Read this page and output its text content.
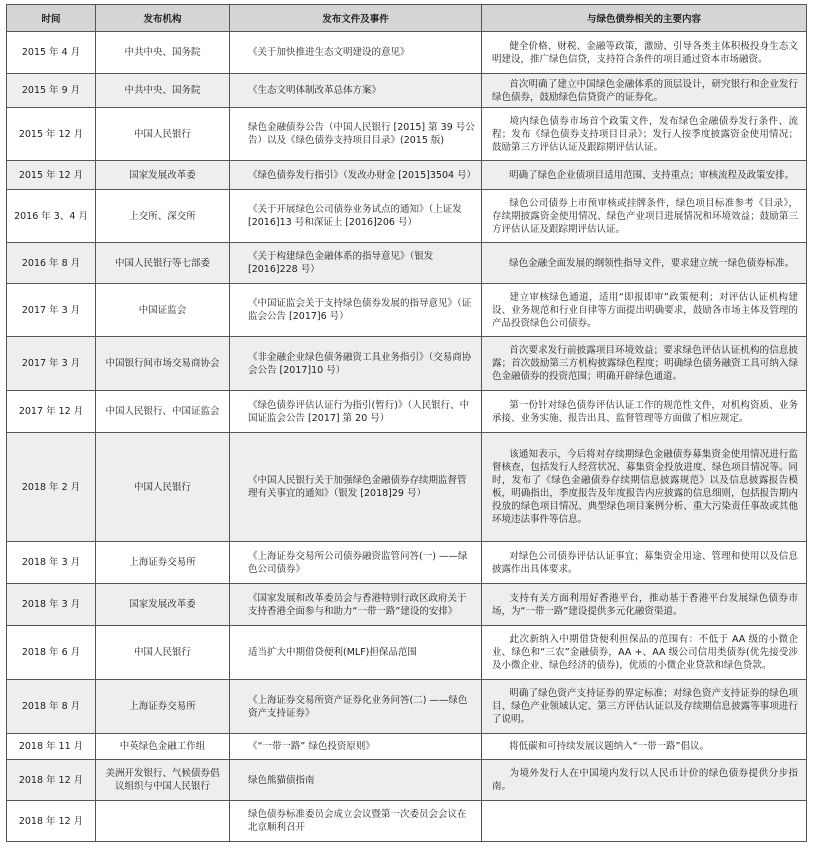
时间	发布机构	发布文件及事件	与绿色债券相关的主要内容
2015 年 4 月	中共中央、国务院	《关于加快推进生态文明建设的意见》	健全价格、财税、金融等政策，激励、引导各类主体积极投身生态文明建设，推广绿色信贷，支持符合条件的项目通过资本市场融资。
2015 年 9 月	中共中央、国务院	《生态文明体制改革总体方案》	首次明确了建立中国绿色金融体系的顶层设计，研究银行和企业发行绿色债券，鼓励绿色信贷资产的证券化。
2015 年 12 月	中国人民银行	绿色金融债券公告（中国人民银行 [2015] 第 39 号公告）以及《绿色债券支持项目目录》(2015 版)	境内绿色债券市场首个政策文件，发布绿色金融债券发行条件、流程；发布《绿色债券支持项目目录》；发行人按季度披露资金使用情况；鼓励第三方评估认证及跟踪期评估认证。
2015 年 12 月	国家发展改革委	《绿色债券发行指引》（发改办财金 [2015]3504 号）	明确了绿色企业债项目适用范围、支持重点；审核流程及政策安排。
2016 年 3、4 月	上交所、深交所	《关于开展绿色公司债券业务试点的通知》（上证发 [2016]13 号和深证上 [2016]206 号）	绿色公司债券上市预审核或挂牌条件，绿色项目标准参考《目录》，存续期披露资金使用情况、绿色产业项目进展情况和环境效益；鼓励第三方评估认证及跟踪期评估认证。
2016 年 8 月	中国人民银行等七部委	《关于构建绿色金融体系的指导意见》（银发 [2016]228 号）	绿色金融全面发展的纲领性指导文件，要求建立统一绿色债券标准。
2017 年 3 月	中国证监会	《中国证监会关于支持绿色债券发展的指导意见》（证监会公告 [2017]6 号）	建立审核绿色通道，适用“即报即审”政策便利；对评估认证机构建设、业务规范和行业自律等方面提出明确要求，鼓励各市场主体及管理的产品投资绿色公司债券。
2017 年 3 月	中国银行间市场交易商协会	《非金融企业绿色债务融资工具业务指引》（交易商协会公告 [2017]10 号）	首次要求发行前披露项目环境效益；要求绿色评估认证机构的信息披露；首次鼓励第三方机构披露绿色程度；明确绿色债务融资工具可纳入绿色金融债券的投资范围；明确开辟绿色通道。
2017 年 12 月	中国人民银行、中国证监会	《绿色债券评估认证行为指引(暂行)》（人民银行、中国证监会公告 [2017] 第 20 号）	第一份针对绿色债券评估认证工作的规范性文件，对机构资质、业务承接、业务实施、报告出具、监督管理等方面做了相应规定。
2018 年 2 月	中国人民银行	《中国人民银行关于加强绿色金融债券存续期监督管理有关事宜的通知》（银发 [2018]29 号）	该通知表示，今后将对存续期绿色金融债券募集资金使用情况进行监督核查，包括发行人经营状况、募集资金投放进度、绿色项目情况等。同时，发布了《绿色金融债券存续期信息披露规范》以及信息披露报告模板，明确指出，季度报告及年度报告内应披露的信息细则，包括报告期内投放的绿色项目情况、典型绿色项目案例分析、重大污染责任事故或其他环境违法事件等信息。
2018 年 3 月	上海证券交易所	《上海证券交易所公司债券融资监管问答(一) ——绿色公司债券》	对绿色公司债券评估认证事宜；募集资金用途、管理和使用以及信息披露作出具体要求。
2018 年 3 月	国家发展改革委	《国家发展和改革委员会与香港特别行政区政府关于支持香港全面参与和助力“一带一路”建设的安排》	支持有关方面利用好香港平台，推动基于香港平台发展绿色债券市场，为“一带一路”建设提供多元化融资渠道。
2018 年 6 月	中国人民银行	适当扩大中期借贷便利(MLF)担保品范围	此次新纳入中期借贷便利担保品的范围有：不低于 AA 级的小微企业、绿色和“三农”金融债券，AA +、AA 级公司信用类债券(优先接受涉及小微企业、绿色经济的债券)，优质的小微企业贷款和绿色贷款。
2018 年 8 月	上海证券交易所	《上海证券交易所资产证券化业务问答(二) ——绿色资产支持证券》	明确了绿色资产支持证券的界定标准；对绿色资产支持证券的绿色项目、绿色产业领域认定、第三方评估认证以及存续期信息披露等事项进行了说明。
2018 年 11 月	中英绿色金融工作组	《“一带一路” 绿色投资原则》	将低碳和可持续发展议题纳入“一带一路”倡议。
2018 年 12 月	美洲开发银行、气候债券倡议组织与中国人民银行	绿色熊猫债指南	为境外发行人在中国境内发行以人民币计价的绿色债券提供分步指南。
2018 年 12 月		绿色债券标准委员会成立会议暨第一次委员会会议在北京顺利召开	
